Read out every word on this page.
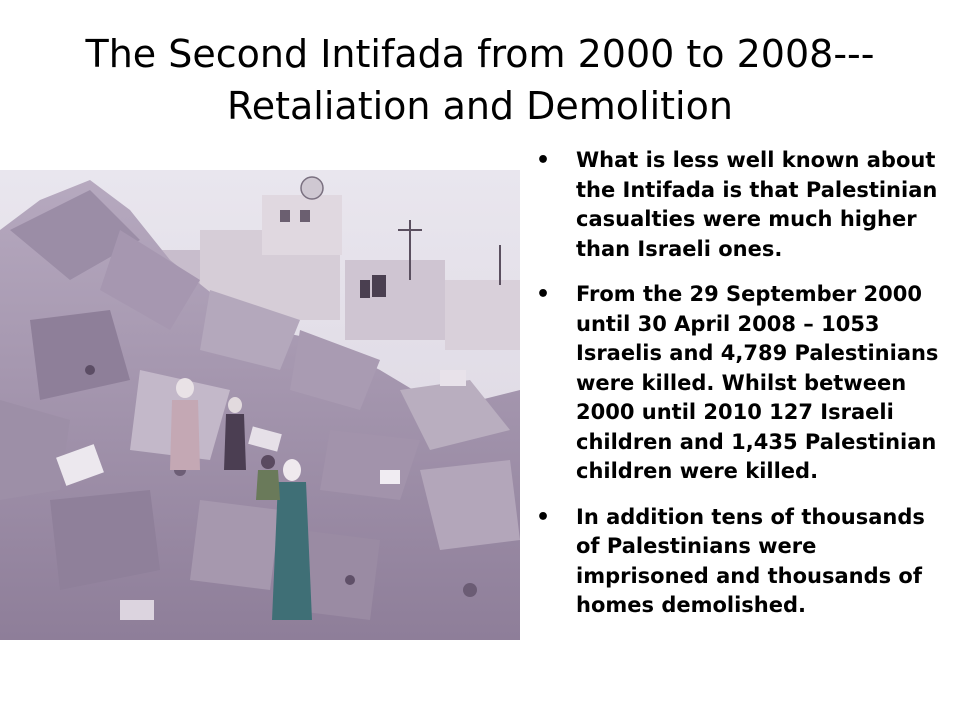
The Second Intifada from 2000 to 2008---
Retaliation and Demolition
• What is less well known about the Intifada is that Palestinian casualties were much higher than Israeli ones.
• From the 29 September 2000 until 30 April 2008 – 1053 Israelis and 4,789 Palestinians were killed. Whilst between 2000 until 2010 127 Israeli children and 1,435 Palestinian children were killed.
• In addition tens of thousands of Palestinians were imprisoned and thousands of homes demolished.
